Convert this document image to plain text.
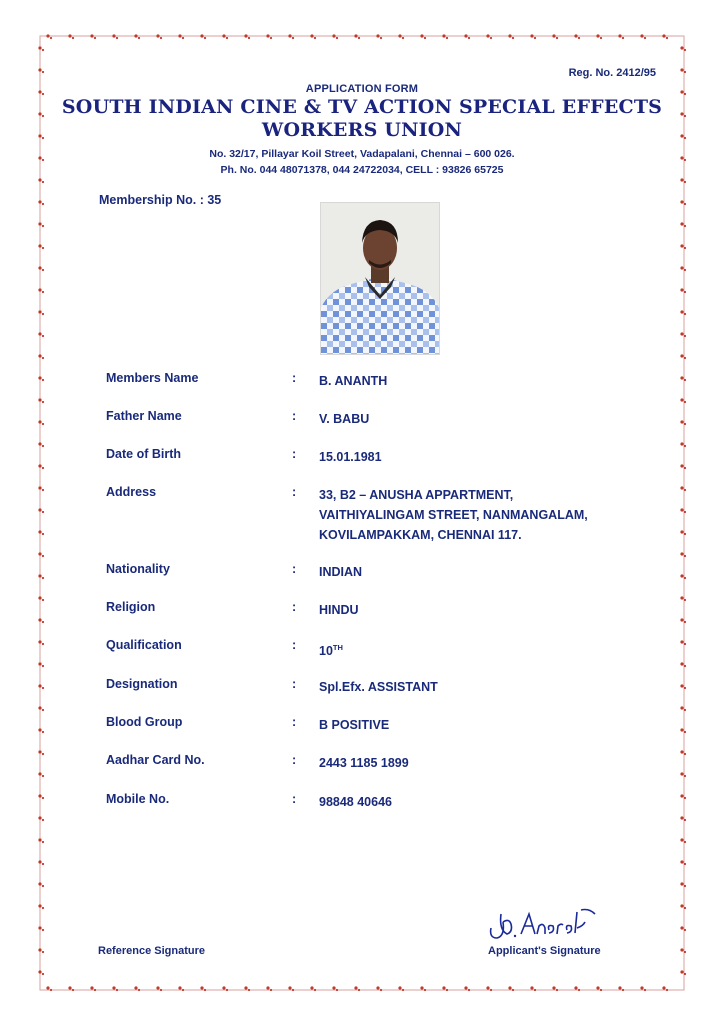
Reg. No. 2412/95
APPLICATION FORM
SOUTH INDIAN CINE & TV ACTION SPECIAL EFFECTS
WORKERS UNION
No. 32/17, Pillayar Koil Street, Vadapalani, Chennai – 600 026.
Ph. No. 044 48071378, 044 24722034, CELL : 93826 65725
Membership No. : 35
Members Name	: B. ANANTH
Father Name	: V. BABU
Date of Birth	: 15.01.1981
Address	: 33, B2 – ANUSHA APPARTMENT,
VAITHIYALINGAM STREET, NANMANGALAM,
KOVILAMPAKKAM, CHENNAI 117.
Nationality	: INDIAN
Religion	: HINDU
Qualification	: 10TH
Designation	: Spl.Efx. ASSISTANT
Blood Group	: B POSITIVE
Aadhar Card No.	: 2443 1185 1899
Mobile No.	: 98848 40646
Reference Signature	Applicant's Signature
